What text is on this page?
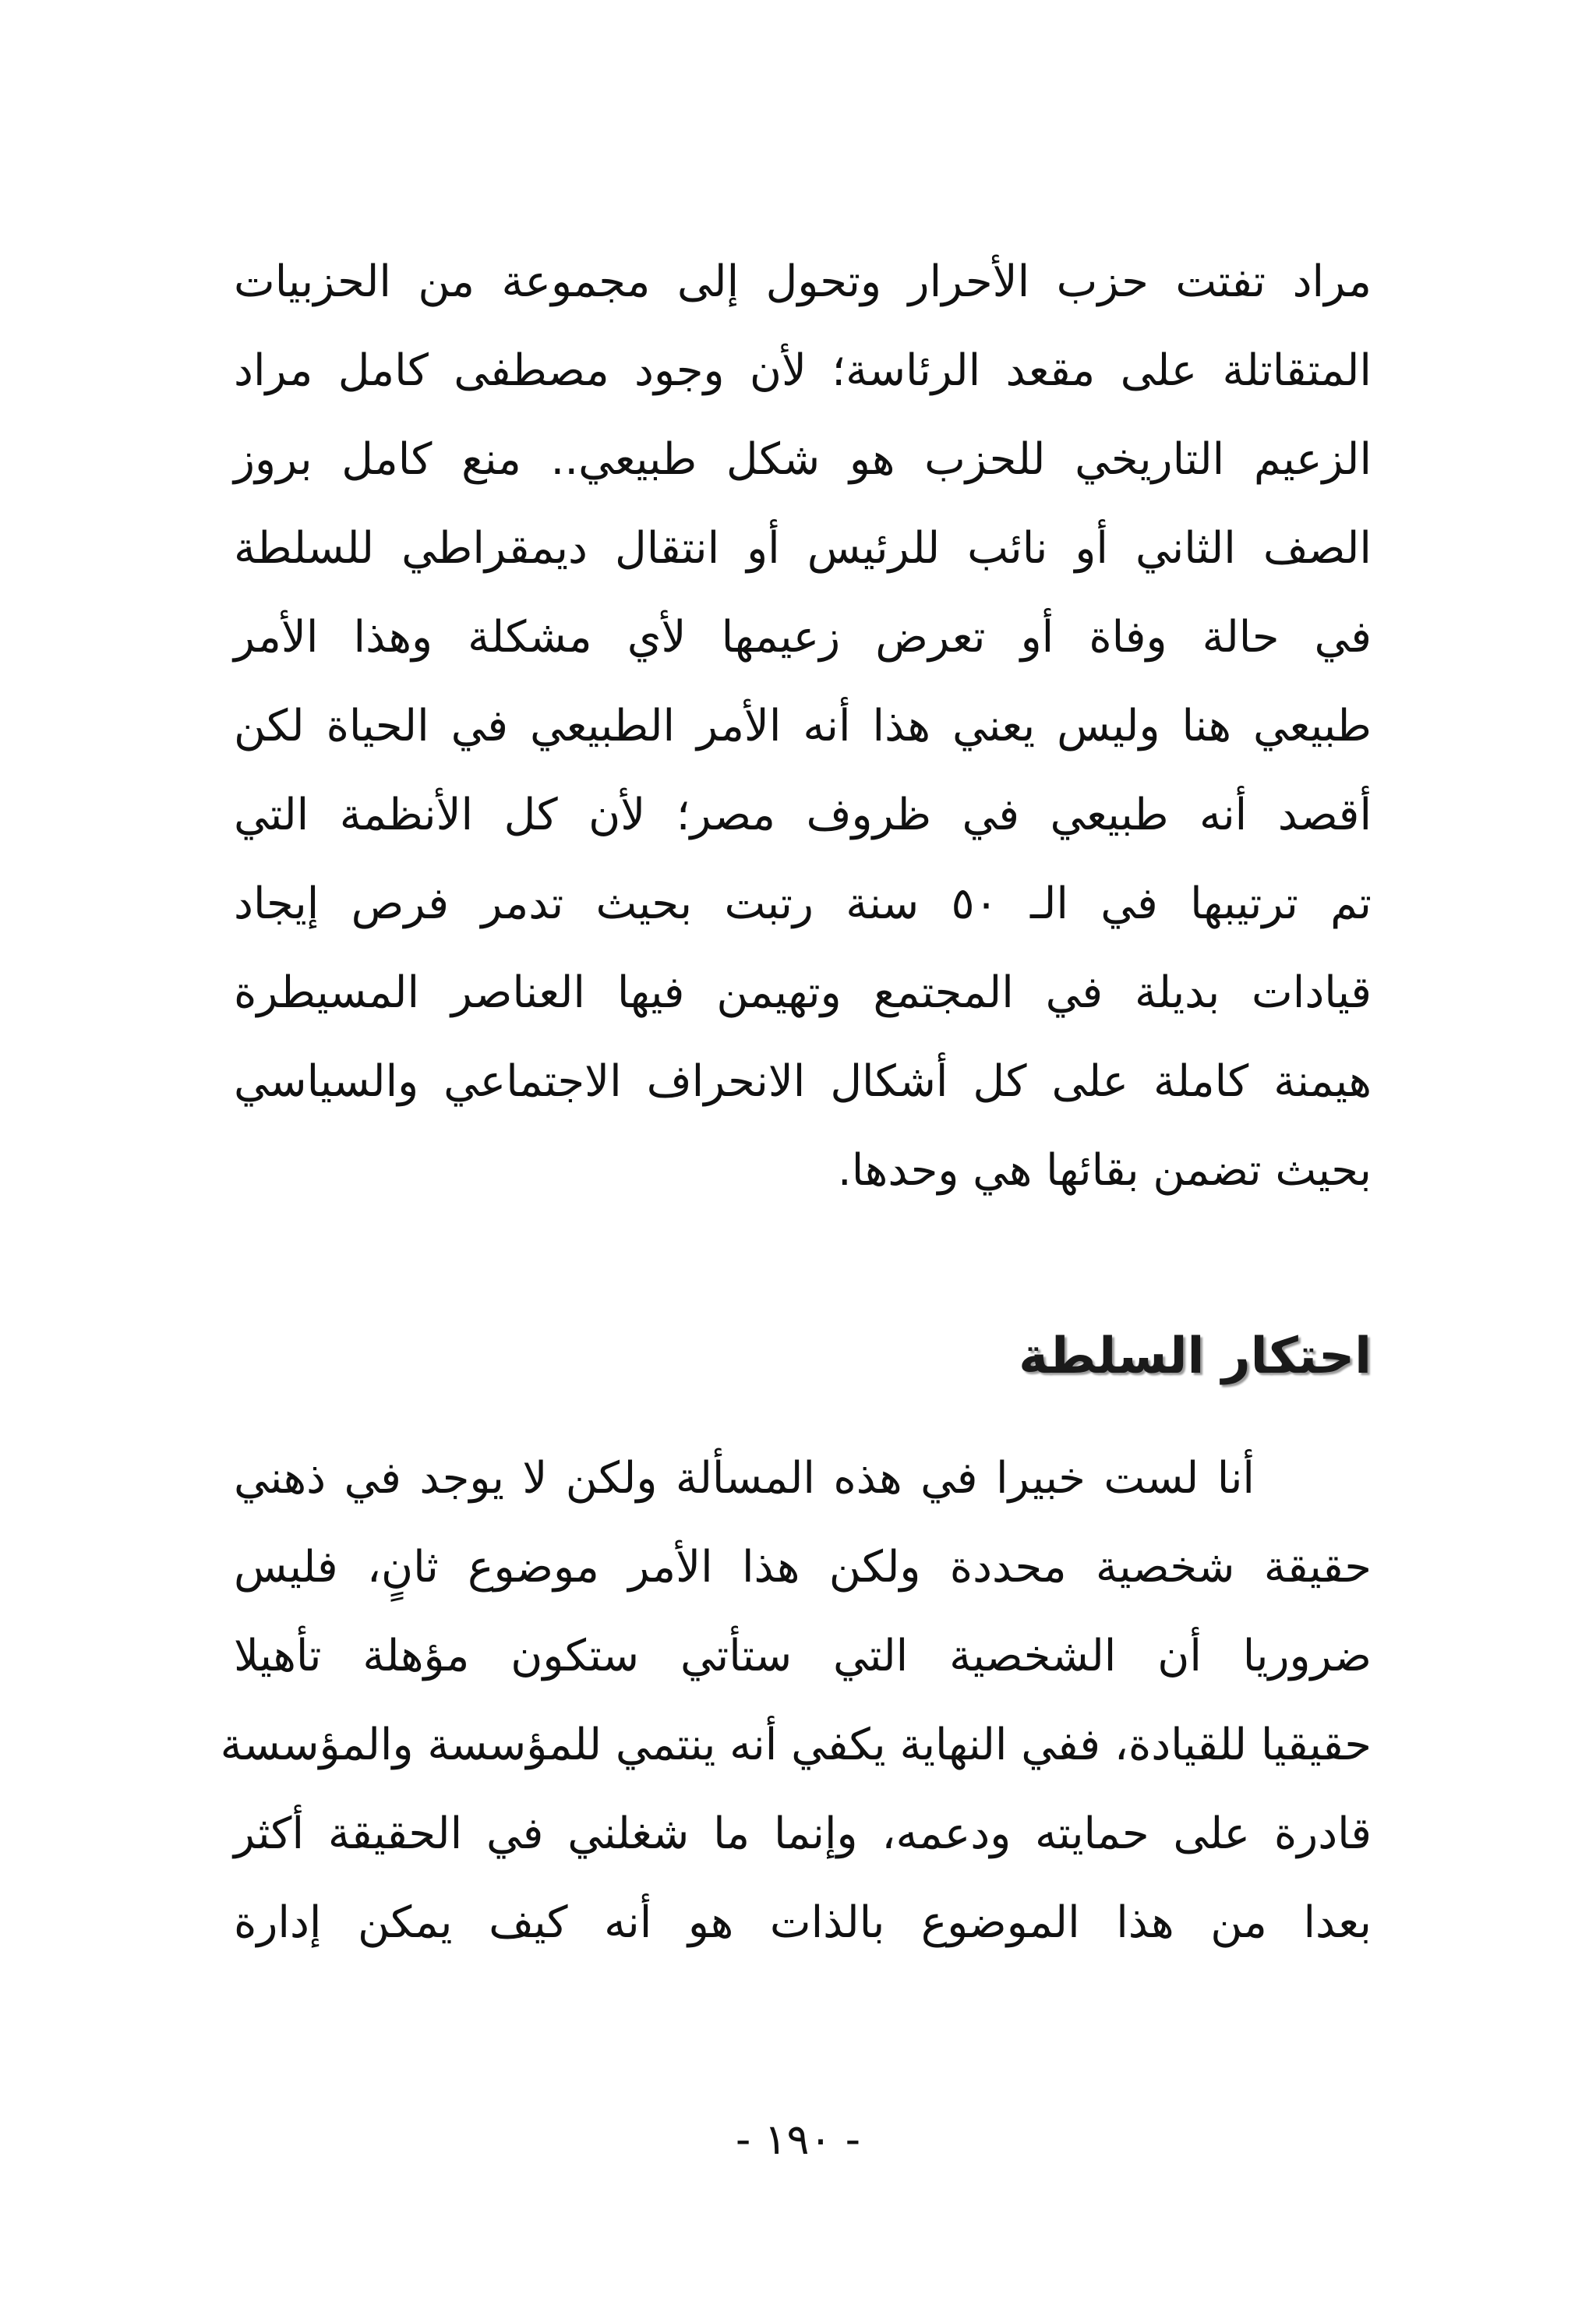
مراد تفتت حزب الأحرار وتحول إلى مجموعة من الحزبيات
المتقاتلة على مقعد الرئاسة؛ لأن وجود مصطفى كامل مراد
الزعيم التاريخي للحزب هو شكل طبيعي.. منع كامل بروز
الصف الثاني أو نائب للرئيس أو انتقال ديمقراطي للسلطة
في حالة وفاة أو تعرض زعيمها لأي مشكلة وهذا الأمر
طبيعي هنا وليس يعني هذا أنه الأمر الطبيعي في الحياة لكن
أقصد أنه طبيعي في ظروف مصر؛ لأن كل الأنظمة التي
تم ترتيبها في الـ ٥٠ سنة رتبت بحيث تدمر فرص إيجاد
قيادات بديلة في المجتمع وتهيمن فيها العناصر المسيطرة
هيمنة كاملة على كل أشكال الانحراف الاجتماعي والسياسي
بحيث تضمن بقائها هي وحدها.
احتكار السلطة
أنا لست خبيرا في هذه المسألة ولكن لا يوجد في ذهني
حقيقة شخصية محددة ولكن هذا الأمر موضوع ثانٍ، فليس
ضروريا أن الشخصية التي ستأتي ستكون مؤهلة تأهيلا
حقيقيا للقيادة، ففي النهاية يكفي أنه ينتمي للمؤسسة والمؤسسة
قادرة على حمايته ودعمه، وإنما ما شغلني في الحقيقة أكثر
بعدا من هذا الموضوع بالذات هو أنه كيف يمكن إدارة
- ١٩٠ -
